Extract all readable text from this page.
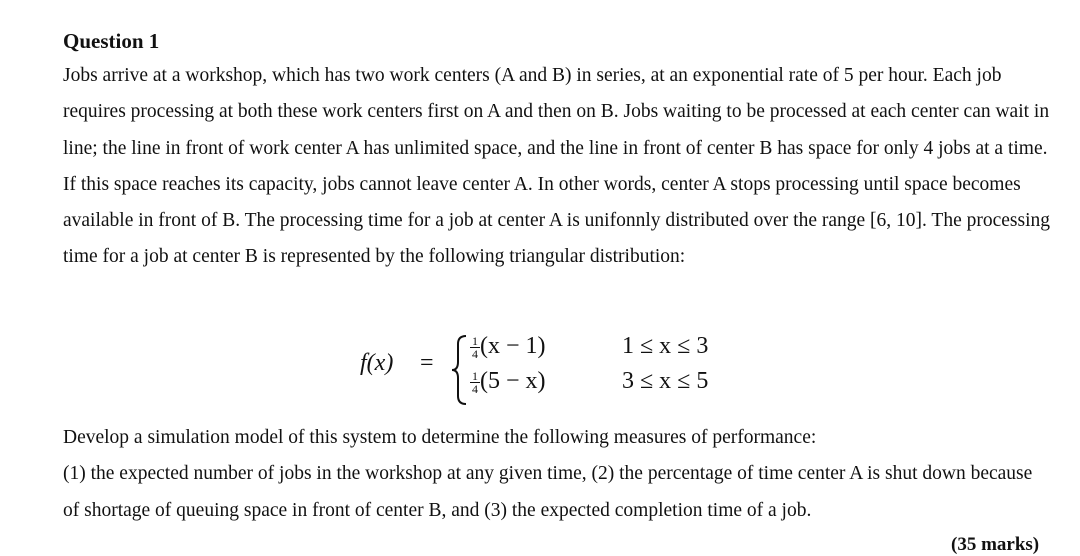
Question 1
Jobs arrive at a workshop, which has two work centers (A and B) in series, at an exponential rate of 5 per hour. Each job requires processing at both these work centers first on A and then on B. Jobs waiting to be processed at each center can wait in line; the line in front of work center A has unlimited space, and the line in front of center B has space for only 4 jobs at a time. If this space reaches its capacity, jobs cannot leave center A. In other words, center A stops processing until space becomes available in front of B. The processing time for a job at center A is unifonnly distributed over the range [6, 10]. The processing time for a job at center B is represented by the following triangular distribution:
f(x) =
$\frac{1}{4} (x - 1)$	1 ≤ x ≤ 3
$\frac{1}{4} (5 - x)$	3 ≤ x ≤ 5
Develop a simulation model of this system to determine the following measures of performance:
(1) the expected number of jobs in the workshop at any given time, (2) the percentage of time center A is shut down because of shortage of queuing space in front of center B, and (3) the expected completion time of a job.
(35 marks)
